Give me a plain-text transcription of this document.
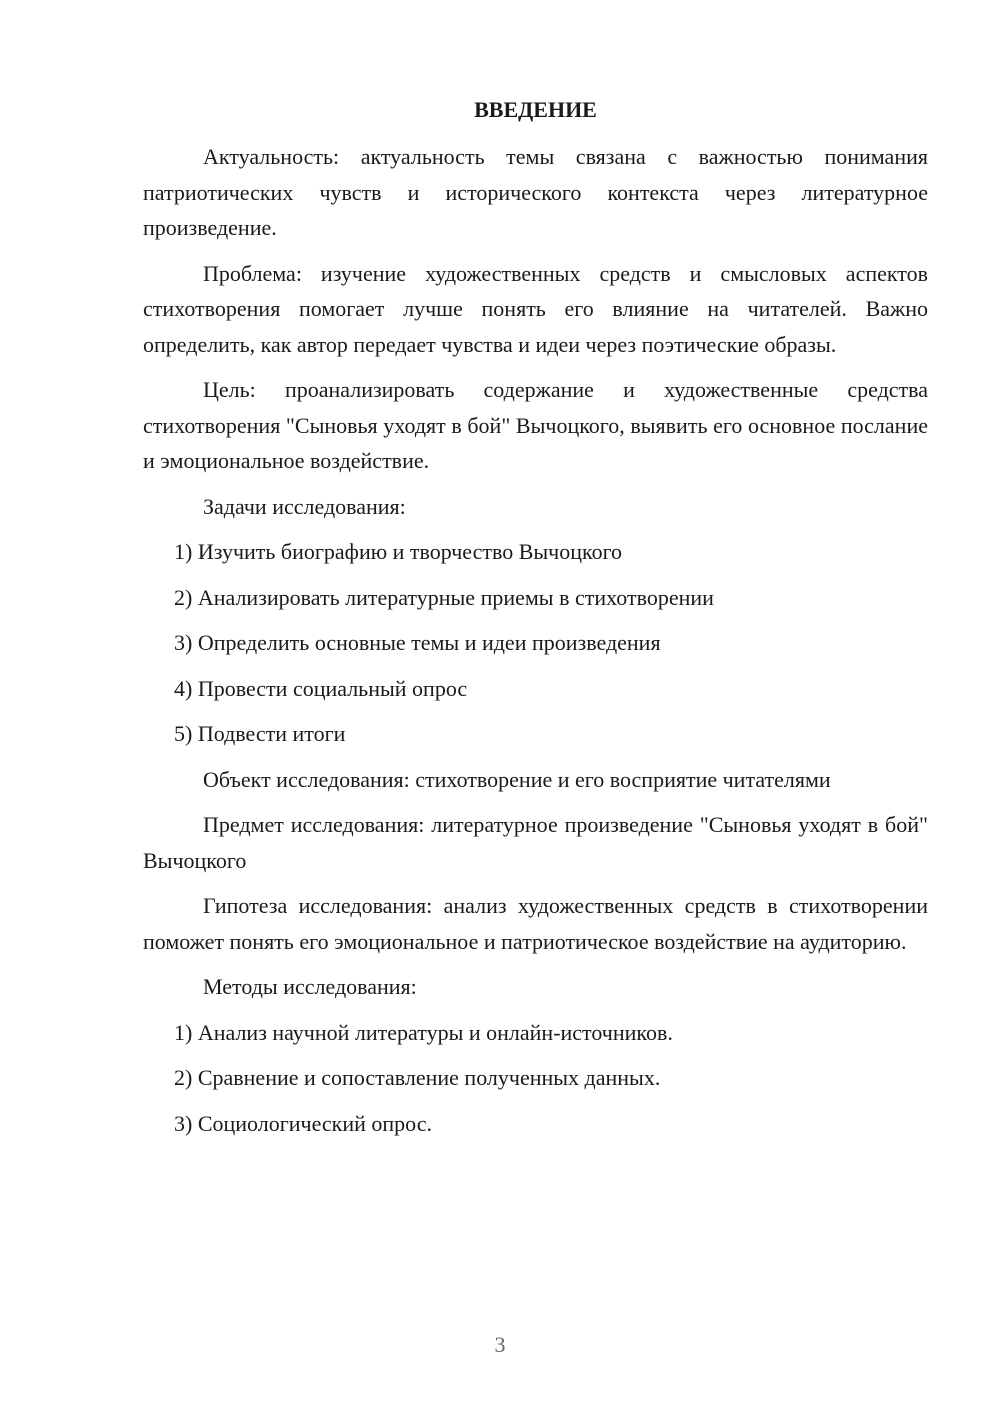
ВВЕДЕНИЕ

Актуальность: актуальность темы связана с важностью понимания патриотических чувств и исторического контекста через литературное произведение.

Проблема: изучение художественных средств и смысловых аспектов стихотворения помогает лучше понять его влияние на читателей. Важно определить, как автор передает чувства и идеи через поэтические образы.

Цель: проанализировать содержание и художественные средства стихотворения "Сыновья уходят в бой" Вычоцкого, выявить его основное послание и эмоциональное воздействие.

Задачи исследования:

1) Изучить биографию и творчество Вычоцкого

2) Анализировать литературные приемы в стихотворении

3) Определить основные темы и идеи произведения

4) Провести социальный опрос

5) Подвести итоги

Объект исследования: стихотворение и его восприятие читателями

Предмет исследования: литературное произведение "Сыновья уходят в бой" Вычоцкого

Гипотеза исследования: анализ художественных средств в стихотворении поможет понять его эмоциональное и патриотическое воздействие на аудиторию.

Методы исследования:

1) Анализ научной литературы и онлайн-источников.

2) Сравнение и сопоставление полученных данных.

3) Социологический опрос.

3
